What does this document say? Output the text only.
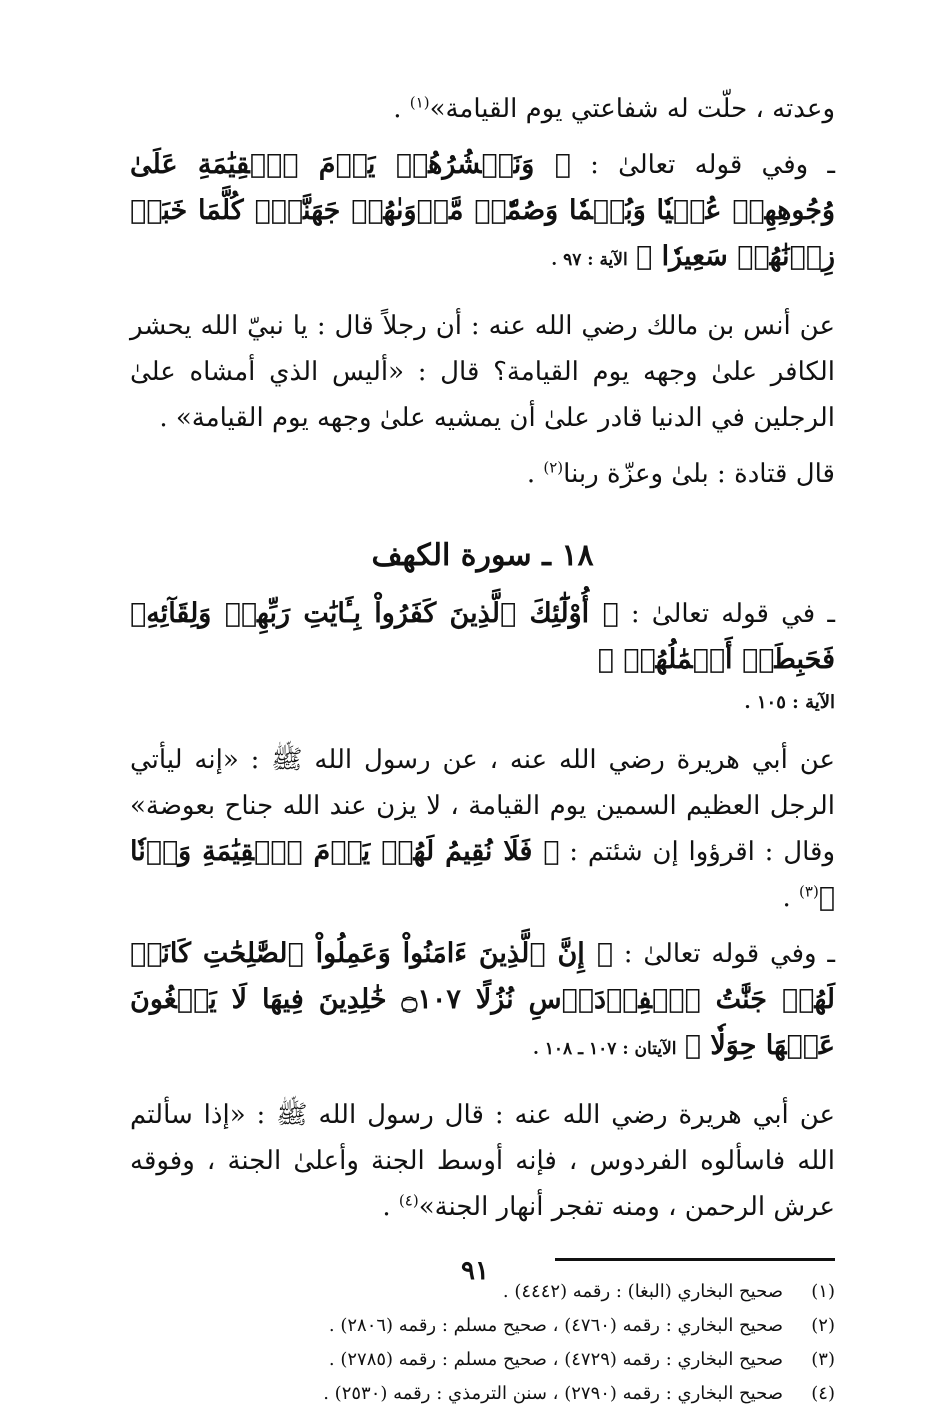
وعدته ، حلّت له شفاعتي يوم القيامة»$^{(١)}$ .

ـ وفي قوله تعالىٰ : ﴿ وَنَحۡشُرُهُمۡ يَوۡمَ ٱلۡقِيَٰمَةِ عَلَىٰ وُجُوهِهِمۡ عُمۡيٗا وَبُكۡمٗا وَصُمّٗاۖ مَّأۡوَىٰهُمۡ جَهَنَّمُۖ كُلَّمَا خَبَتۡ زِدۡنَٰهُمۡ سَعِيرٗا ﴾ الآية : ٩٧ .

عن أنس بن مالك رضي الله عنه : أن رجلاً قال : يا نبيّ الله يحشر الكافر علىٰ وجهه يوم القيامة؟ قال : «أليس الذي أمشاه علىٰ الرجلين في الدنيا قادر علىٰ أن يمشيه علىٰ وجهه يوم القيامة» .

قال قتادة : بلىٰ وعزّة ربنا$^{(٢)}$ .

١٨ ـ سورة الكهف

ـ في قوله تعالىٰ : ﴿ أُوْلَٰٓئِكَ ٱلَّذِينَ كَفَرُواْ بِـَٔايَٰتِ رَبِّهِمۡ وَلِقَآئِهِۦ فَحَبِطَتۡ أَعۡمَٰلُهُمۡ ﴾

الآية : ١٠٥ .

عن أبي هريرة رضي الله عنه ، عن رسول الله ﷺ : «إنه ليأتي الرجل العظيم السمين يوم القيامة ، لا يزن عند الله جناح بعوضة» وقال : اقرؤوا إن شئتم : ﴿ فَلَا نُقِيمُ لَهُمۡ يَوۡمَ ٱلۡقِيَٰمَةِ وَزۡنٗا ﴾$^{(٣)}$ .

ـ وفي قوله تعالىٰ : ﴿ إِنَّ ٱلَّذِينَ ءَامَنُواْ وَعَمِلُواْ ٱلصَّٰلِحَٰتِ كَانَتۡ لَهُمۡ جَنَّٰتُ ٱلۡفِرۡدَوۡسِ نُزُلًا ۝١٠٧ خَٰلِدِينَ فِيهَا لَا يَبۡغُونَ عَنۡهَا حِوَلٗا ﴾ الآيتان : ١٠٧ ـ ١٠٨ .

عن أبي هريرة رضي الله عنه : قال رسول الله ﷺ : «إذا سألتم الله فاسألوه الفردوس ، فإنه أوسط الجنة وأعلىٰ الجنة ، وفوقه عرش الرحمن ، ومنه تفجر أنهار الجنة»$^{(٤)}$ .

(١)
صحيح البخاري (البغا) : رقمه (٤٤٤٢) .
(٢)
صحيح البخاري : رقمه (٤٧٦٠) ، صحيح مسلم : رقمه (٢٨٠٦) .
(٣)
صحيح البخاري : رقمه (٤٧٢٩) ، صحيح مسلم : رقمه (٢٧٨٥) .
(٤)
صحيح البخاري : رقمه (٢٧٩٠) ، سنن الترمذي : رقمه (٢٥٣٠) .
٩١
